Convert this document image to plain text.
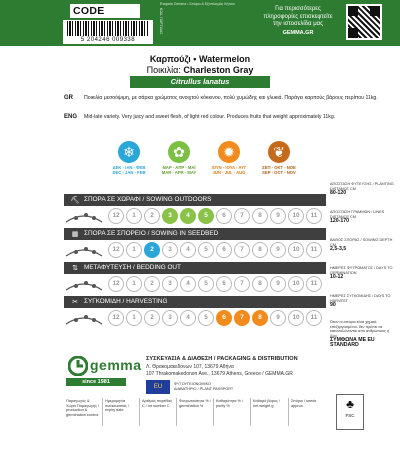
CODE
5 204246 009338
Εταιρεία Gemma • Σπόροι & Εξοπλισμός Κήπου
ΚΩΔ. ΠΑΡΤΙΔΑΣ	Για περισσότερες πληροφορίες επισκεφτείτε την ιστοσελίδα μας
GEMMA.GR
Καρπούζι • Watermelon
Ποικιλία: Charleston Gray
Citrullus lanatus
GR Ποικιλία μεσοόψιμη, με σάρκα χρώματος ανοιχτού κόκκινου, πολύ χυμώδης και γλυκιά. Παράγει καρπούς βάρους περίπου 11kg.
ENG Mid-late variety. Very juicy and sweet flesh, of light red colour. Produces fruits that weight approximately 11kg.
❄
ΔΕΚ - ΙΑΝ - ΦΕΒ
DEC - JAN - FEB
✿
ΜΑΡ - ΑΠΡ - ΜΑΪ
MAR - APR - MAY
✹
ΙΟΥΝ - ΙΟΥΛ - ΑΥΓ
JUN - JUL - AUG
❦
ΣΕΠ - ΟΚΤ - ΝΟΕ
SEP - OCT - NOV
ΑΠΟΣΤΑΣΗ ΦΥΤΕΥΣΗΣ / PLANTING DISTANCE CM
80-120
ΑΠΟΣΤΑΣΗ ΓΡΑΜΜΩΝ / LINES DISTANCE CM
120-170
ΒΑΘΟΣ ΣΠΟΡΑΣ / SOWING DEPTH CM
2,5-3,5
ΗΜΕΡΕΣ ΦΥΤΡΩΜΑΤΟΣ / DAYS TO GERMINATION
10-12
ΗΜΕΡΕΣ ΣΥΓΚΟΜΙΔΗΣ / DAYS TO HARVEST
90
Όταν οι σπόροι είναι χημικά επεξεργασμένοι, δεν πρέπει να καταναλώνονται από ανθρώπους ή ζώα
ΣΥΜΦΩΝΑ ΜΕ EU STANDARD
ΣΠΟΡΑ ΣΕ ΧΩΡΑΦΙ / SOWING OUTDOORS
⛏
12	1	2	3	4	5	6	7	8	9	10	11
ΣΠΟΡΑ ΣΕ ΣΠΟΡΕΙΟ / SOWING IN SEEDBED
▦
12	1	2	3	4	5	6	7	8	9	10	11
ΜΕΤΑΦΥΤΕΥΣΗ / BEDDING OUT
⇅
12	1	2	3	4	5	6	7	8	9	10	11
ΣΥΓΚΟΜΙΔΗ / HARVESTING
✂
12	1	2	3	4	5	6	7	8	9	10	11
gemma
since 1981
ΣΥΣΚΕΥΑΣΙΑ & ΔΙΑΘΕΣΗ / PACKAGING & DISTRIBUTION
Λ. Θρακομακεδόνων 107, 13679 Αθήνα
107 Thrakomakedonon Ave., 13679 Athens, Greece / GEMMA.GR
EU	ΦΥΤΟΥΓΕΙΟΝΟΜΙΚΟ ΔΙΑΒΑΤΗΡΙΟ / PLANT PASSPORT
Παραγωγός & Χώρα Παραγωγής / production & germination control
Ημερομηνία συσκευασίας / expiry date
Αριθμός παρτίδας C / lot number C
Φυτρωτικότητα % / germination %
Καθαρότητα % / purity %
Καθαρό βάρος / net weight g
Σπόροι / seeds approx.	♣
FSC
